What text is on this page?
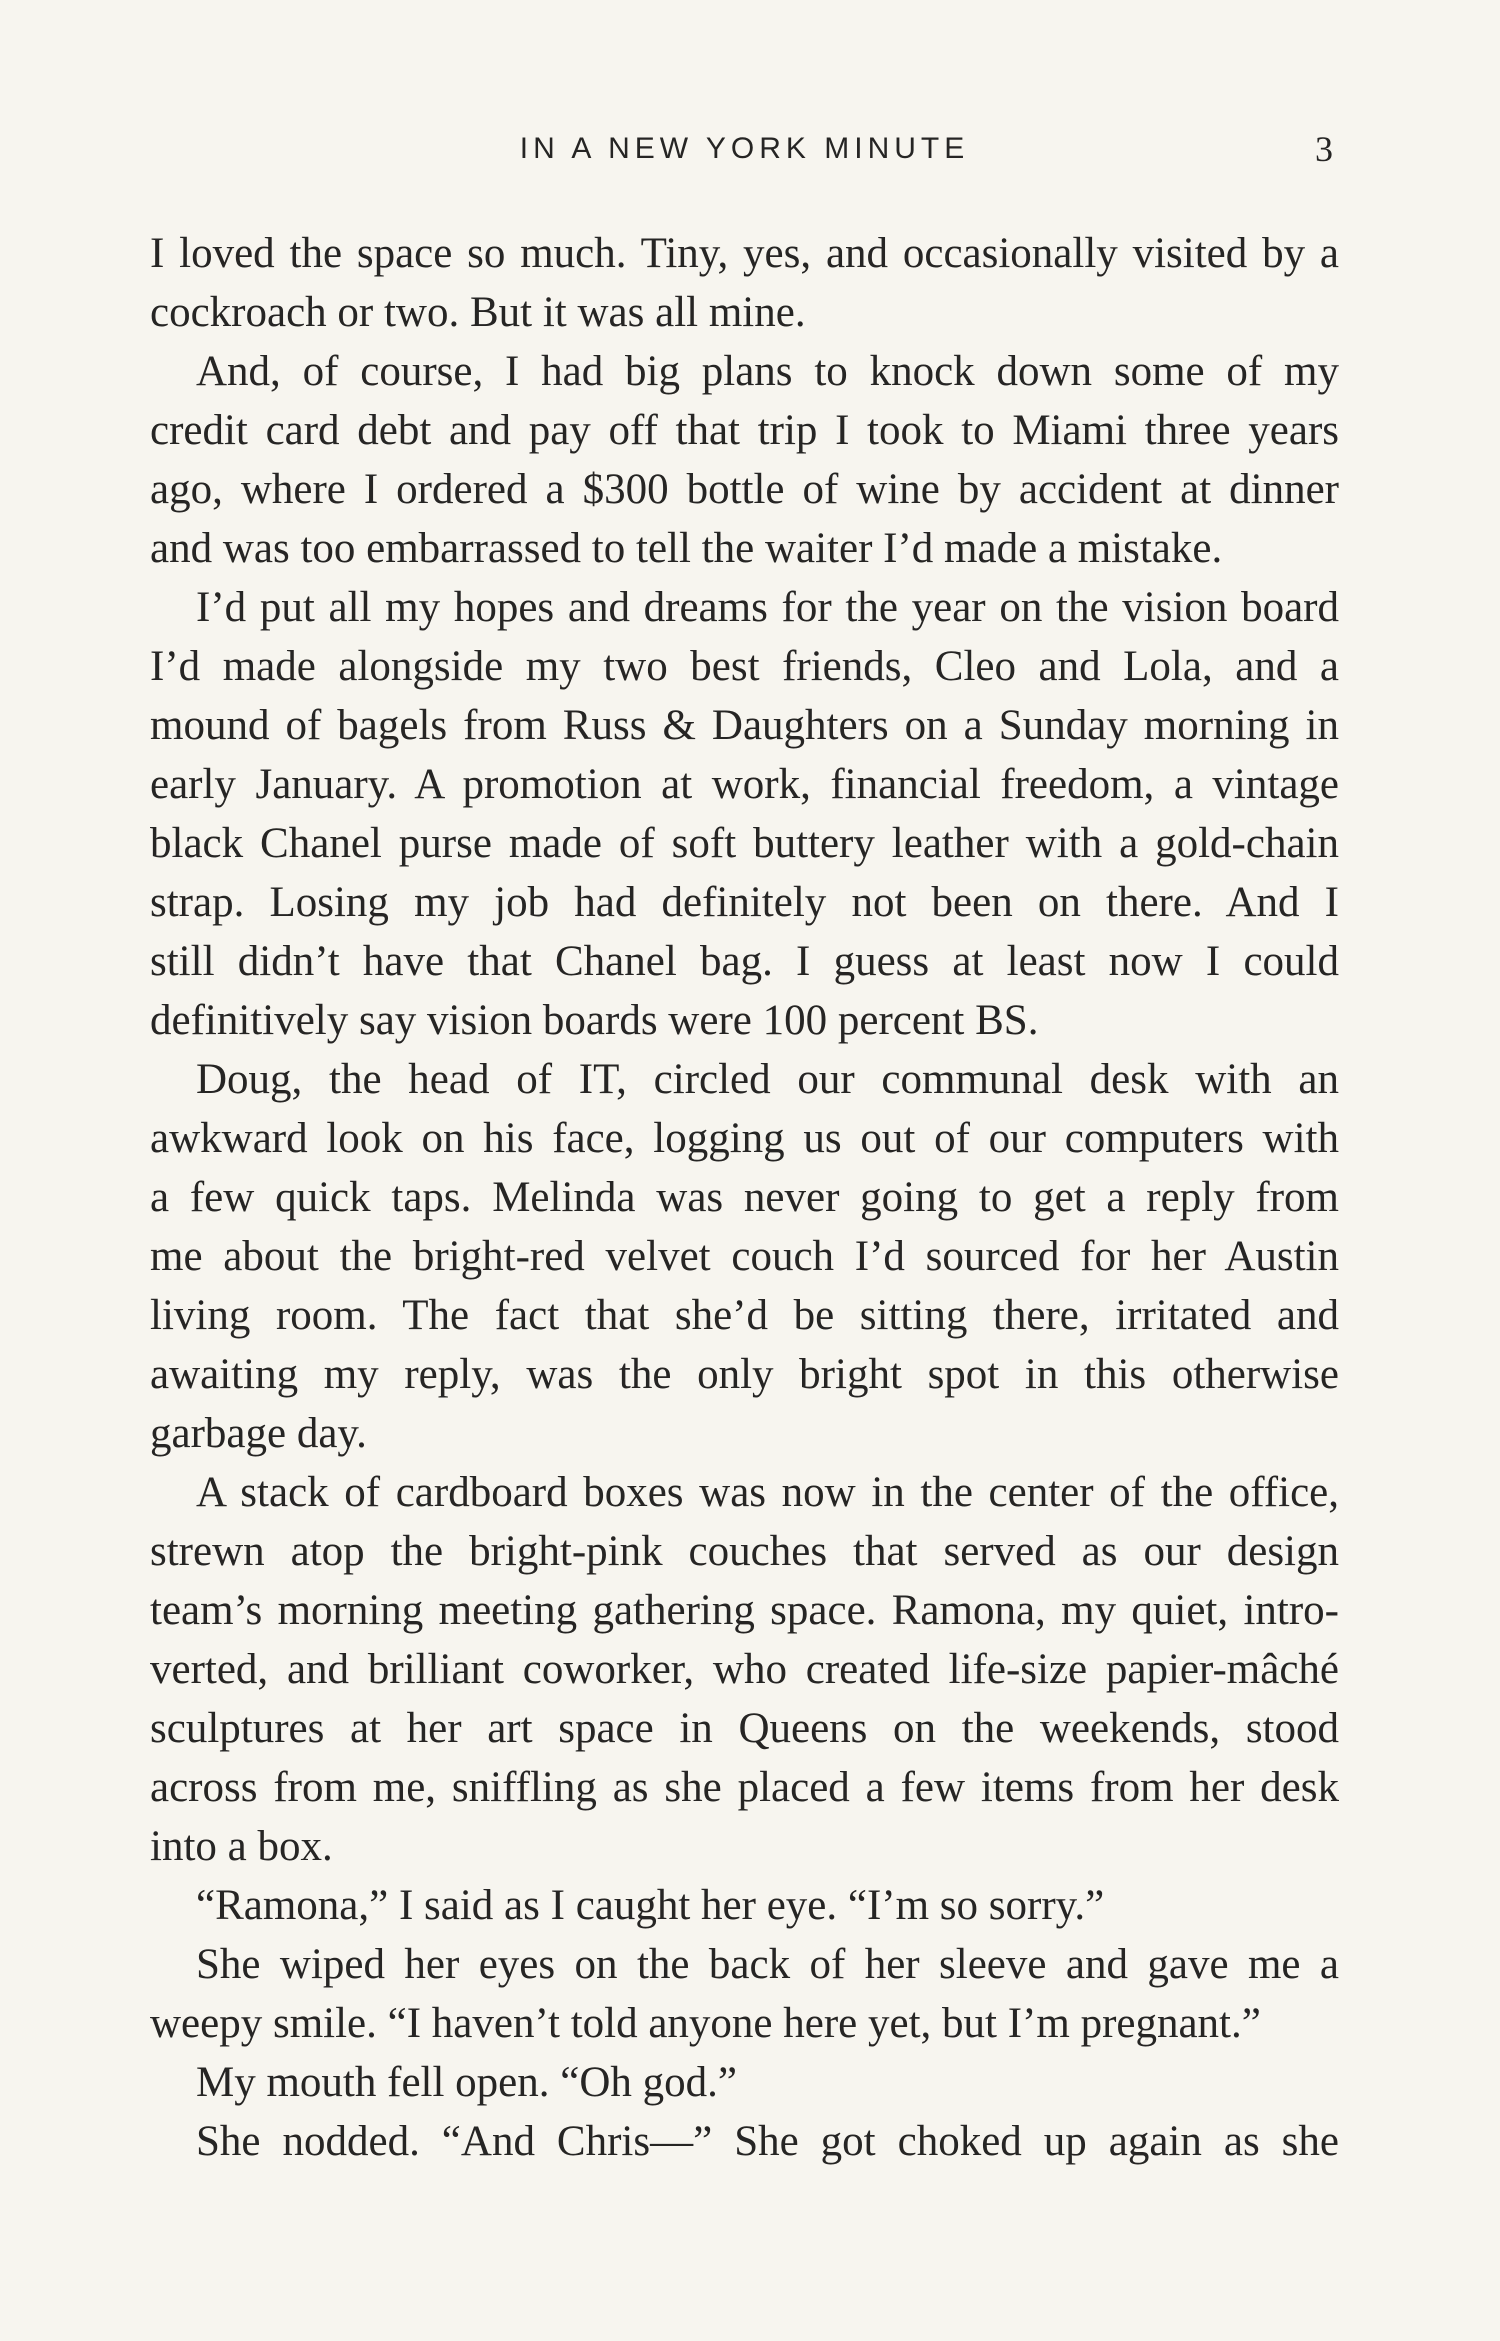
IN A NEW YORK MINUTE	3
I loved the space so much. Tiny, yes, and occasionally visited by a
cockroach or two. But it was all mine.
And, of course, I had big plans to knock down some of my
credit card debt and pay off that trip I took to Miami three years
ago, where I ordered a $300 bottle of wine by accident at dinner
and was too embarrassed to tell the waiter I’d made a mistake.
I’d put all my hopes and dreams for the year on the vision board
I’d made alongside my two best friends, Cleo and Lola, and a
mound of bagels from Russ & Daughters on a Sunday morning in
early January. A promotion at work, financial freedom, a vintage
black Chanel purse made of soft buttery leather with a gold-chain
strap. Losing my job had definitely not been on there. And I
still didn’t have that Chanel bag. I guess at least now I could
definitively say vision boards were 100 percent BS.
Doug, the head of IT, circled our communal desk with an
awkward look on his face, logging us out of our computers with
a few quick taps. Melinda was never going to get a reply from
me about the bright-red velvet couch I’d sourced for her Austin
living room. The fact that she’d be sitting there, irritated and
awaiting my reply, was the only bright spot in this otherwise
garbage day.
A stack of cardboard boxes was now in the center of the office,
strewn atop the bright-pink couches that served as our design
team’s morning meeting gathering space. Ramona, my quiet, intro-
verted, and brilliant coworker, who created life-size papier-mâché
sculptures at her art space in Queens on the weekends, stood
across from me, sniffling as she placed a few items from her desk
into a box.
“Ramona,” I said as I caught her eye. “I’m so sorry.”
She wiped her eyes on the back of her sleeve and gave me a
weepy smile. “I haven’t told anyone here yet, but I’m pregnant.”
My mouth fell open. “Oh god.”
She nodded. “And Chris—” She got choked up again as she
